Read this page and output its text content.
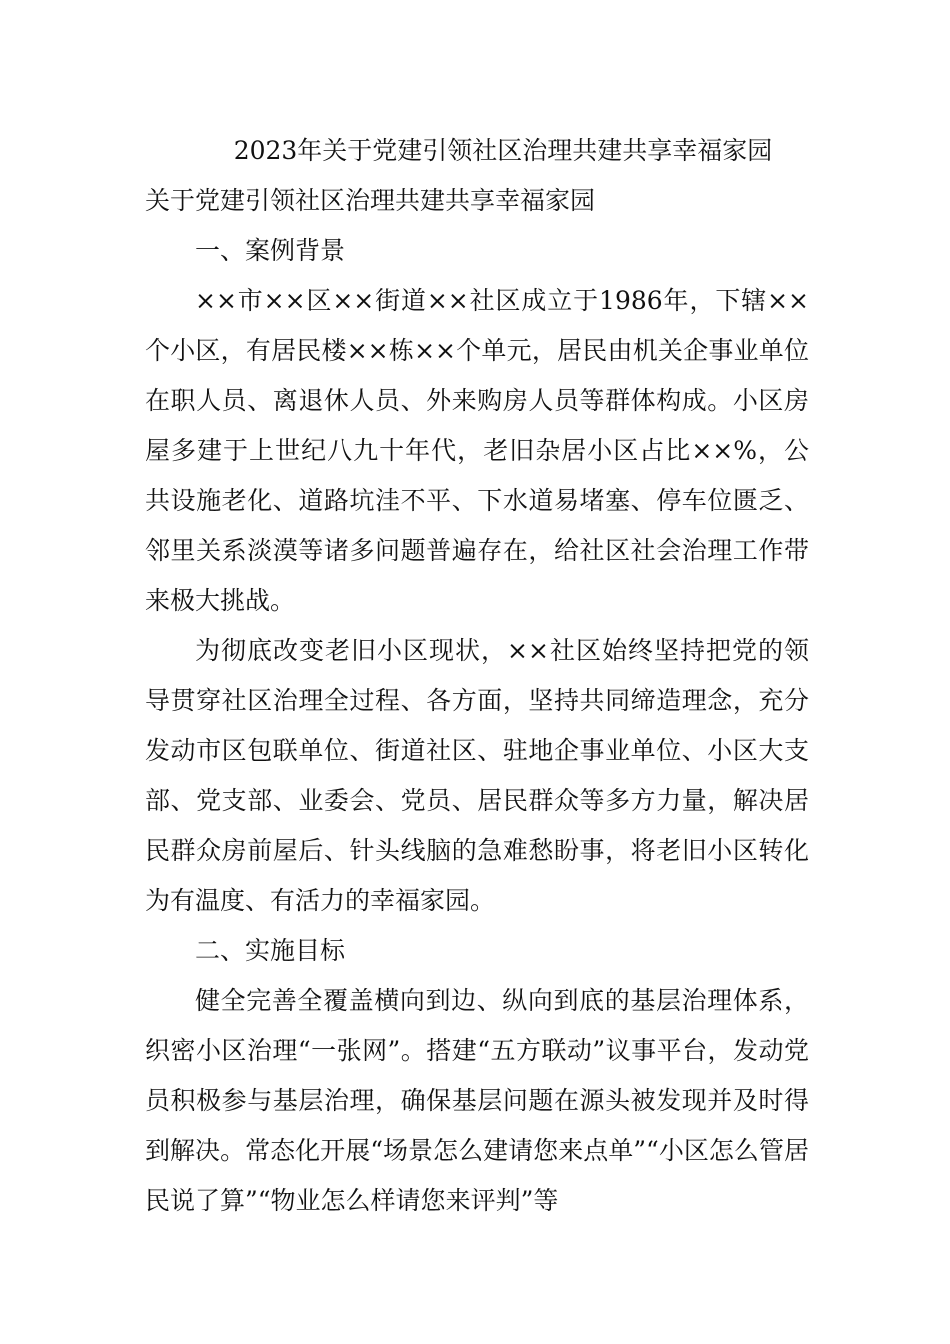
2023年关于党建引领社区治理共建共享幸福家园

关于党建引领社区治理共建共享幸福家园

一、案例背景

××市××区××街道××社区成立于1986年，下辖××个小区，有居民楼××栋××个单元，居民由机关企事业单位在职人员、离退休人员、外来购房人员等群体构成。小区房屋多建于上世纪八九十年代，老旧杂居小区占比××%，公共设施老化、道路坑洼不平、下水道易堵塞、停车位匮乏、邻里关系淡漠等诸多问题普遍存在，给社区社会治理工作带来极大挑战。

为彻底改变老旧小区现状，××社区始终坚持把党的领导贯穿社区治理全过程、各方面，坚持共同缔造理念，充分发动市区包联单位、街道社区、驻地企事业单位、小区大支部、党支部、业委会、党员、居民群众等多方力量，解决居民群众房前屋后、针头线脑的急难愁盼事，将老旧小区转化为有温度、有活力的幸福家园。

二、实施目标

健全完善全覆盖横向到边、纵向到底的基层治理体系，织密小区治理“一张网”。搭建“五方联动”议事平台，发动党员积极参与基层治理，确保基层问题在源头被发现并及时得到解决。常态化开展“场景怎么建请您来点单”“小区怎么管居民说了算”“物业怎么样请您来评判”等
